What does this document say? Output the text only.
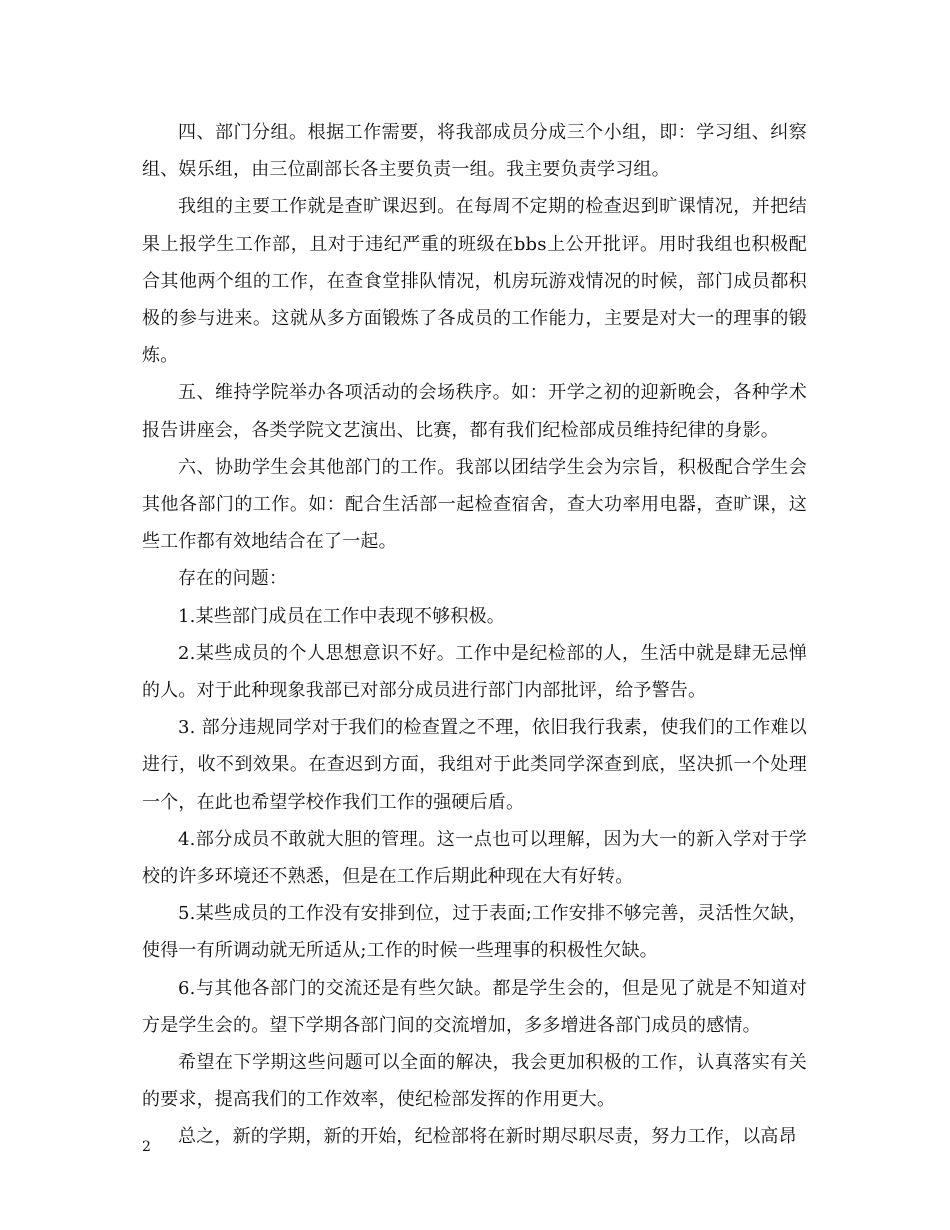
四、部门分组。根据工作需要，将我部成员分成三个小组，即：学习组、纠察组、娱乐组，由三位副部长各主要负责一组。我主要负责学习组。

我组的主要工作就是查旷课迟到。在每周不定期的检查迟到旷课情况，并把结果上报学生工作部，且对于违纪严重的班级在bbs上公开批评。用时我组也积极配合其他两个组的工作，在查食堂排队情况，机房玩游戏情况的时候，部门成员都积极的参与进来。这就从多方面锻炼了各成员的工作能力，主要是对大一的理事的锻炼。

五、维持学院举办各项活动的会场秩序。如：开学之初的迎新晚会，各种学术报告讲座会，各类学院文艺演出、比赛，都有我们纪检部成员维持纪律的身影。

六、协助学生会其他部门的工作。我部以团结学生会为宗旨，积极配合学生会其他各部门的工作。如：配合生活部一起检查宿舍，查大功率用电器，查旷课，这些工作都有效地结合在了一起。

存在的问题：

1.某些部门成员在工作中表现不够积极。

2.某些成员的个人思想意识不好。工作中是纪检部的人，生活中就是肆无忌惮的人。对于此种现象我部已对部分成员进行部门内部批评，给予警告。

3. 部分违规同学对于我们的检查置之不理，依旧我行我素，使我们的工作难以进行，收不到效果。在查迟到方面，我组对于此类同学深查到底，坚决抓一个处理一个，在此也希望学校作我们工作的强硬后盾。

4.部分成员不敢就大胆的管理。这一点也可以理解，因为大一的新入学对于学校的许多环境还不熟悉，但是在工作后期此种现在大有好转。

5.某些成员的工作没有安排到位，过于表面;工作安排不够完善，灵活性欠缺，使得一有所调动就无所适从;工作的时候一些理事的积极性欠缺。

6.与其他各部门的交流还是有些欠缺。都是学生会的，但是见了就是不知道对方是学生会的。望下学期各部门间的交流增加，多多增进各部门成员的感情。

希望在下学期这些问题可以全面的解决，我会更加积极的工作，认真落实有关的要求，提高我们的工作效率，使纪检部发挥的作用更大。

总之，新的学期，新的开始，纪检部将在新时期尽职尽责，努力工作，以高昂

2
